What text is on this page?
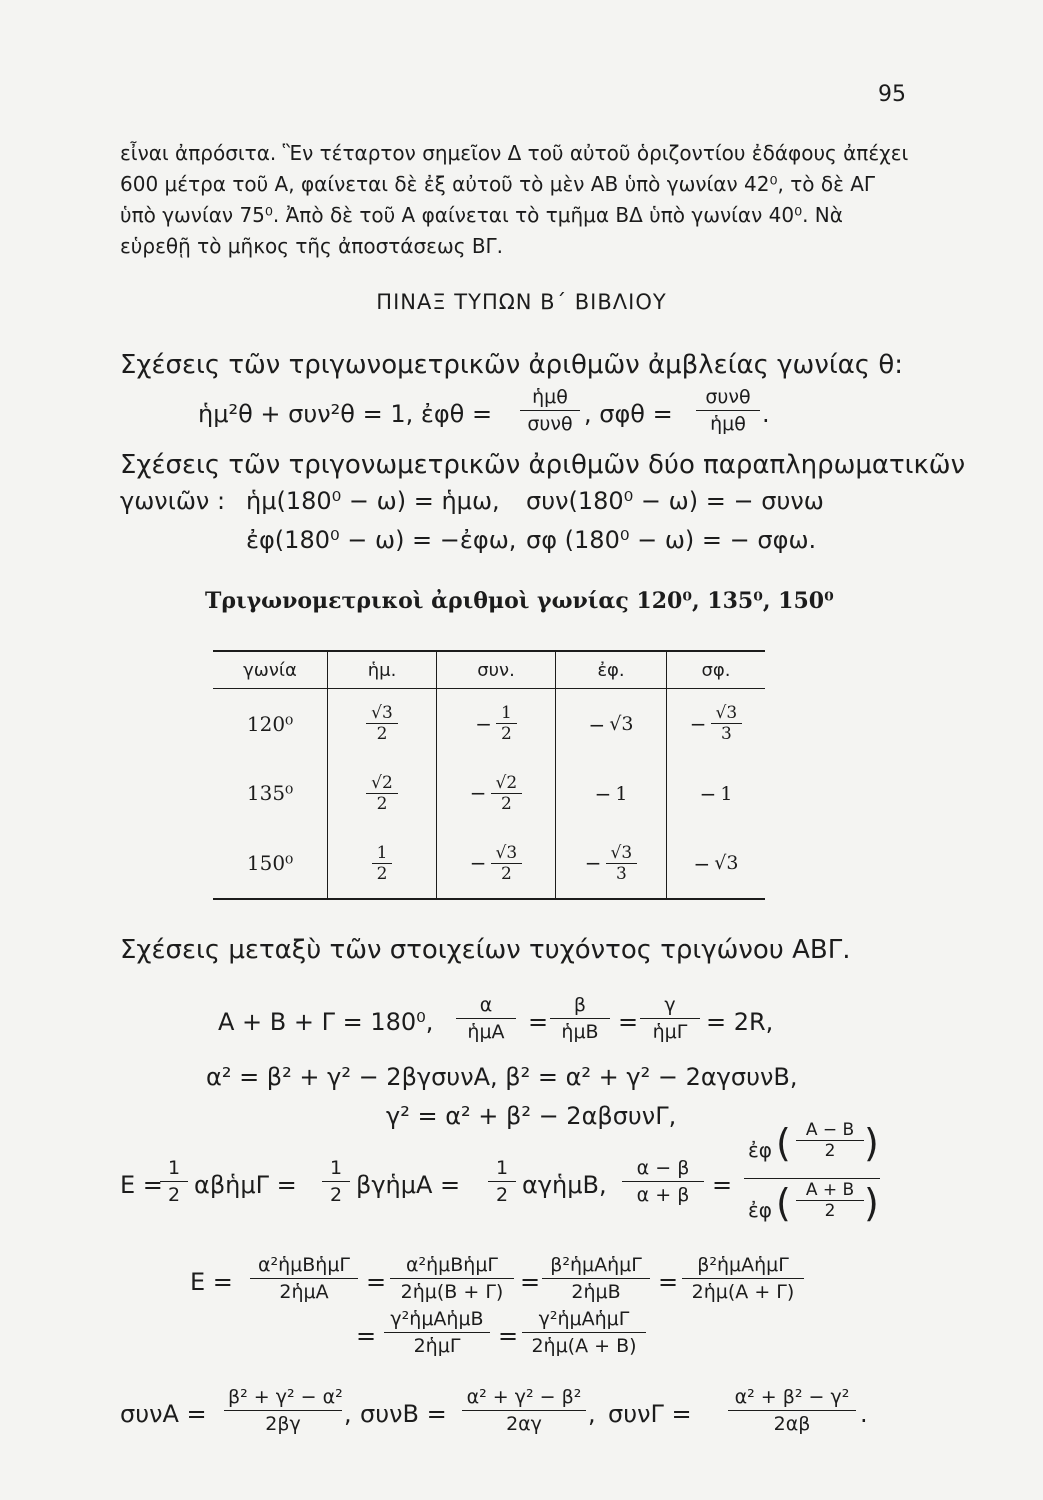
95
εἶναι ἀπρόσιτα. Ἓν τέταρτον σημεῖον Δ τοῦ αὐτοῦ ὁριζοντίου ἐδάφους ἀπέχει
600 μέτρα τοῦ Α, φαίνεται δὲ ἐξ αὐτοῦ τὸ μὲν ΑΒ ὑπὸ γωνίαν 42⁰, τὸ δὲ ΑΓ
ὑπὸ γωνίαν 75⁰. Ἀπὸ δὲ τοῦ Α φαίνεται τὸ τμῆμα ΒΔ ὑπὸ γωνίαν 40⁰. Νὰ
εὑρεθῇ τὸ μῆκος τῆς ἀποστάσεως ΒΓ.
ΠΙΝΑΞ ΤΥΠΩΝ Β΄ ΒΙΒΛΙΟΥ
Σχέσεις τῶν τριγωνομετρικῶν ἀριθμῶν ἀμβλείας γωνίας θ:
ἡμ²θ + συν²θ = 1, ἐφθ =
ἡμθ
συνθ , σφθ =
συνθ
ἡμθ .
Σχέσεις τῶν τριγονωμετρικῶν ἀριθμῶν δύο παραπληρωματικῶν
γωνιῶν : ἡμ(180⁰ − ω) = ἡμω, συν(180⁰ − ω) = − συνω
ἐφ(180⁰ − ω) = −ἐφω, σφ (180⁰ − ω) = − σφω.
Τριγωνομετρικοὶ ἀριθμοὶ γωνίας 120⁰, 135⁰, 150⁰
γωνία	ἡμ.	συν.	ἐφ.	σφ.
120⁰	$\frac{√3}{2}$	− $\frac{1}{2}$	− √3	− $\frac{√3}{3}$

135⁰	$\frac{√2}{2}$	− $\frac{√2}{2}$	− 1	− 1
150⁰	$\frac{1}{2}$	− $\frac{√3}{2}$	− $\frac{√3}{3}$	− √3
Σχέσεις μεταξὺ τῶν στοιχείων τυχόντος τριγώνου ΑΒΓ.
Α + Β + Γ = 180⁰,
α
ἡμΑ =
β
ἡμΒ =
γ
ἡμΓ = 2R,
α² = β² + γ² − 2βγσυνΑ, β² = α² + γ² − 2αγσυνΒ,
γ² = α² + β² − 2αβσυνΓ,
Ε =
$\frac{1}{2}$ αβἡμΓ = $\frac{1}{2}$ βγἡμΑ = $\frac{1}{2}$ αγἡμΒ, $\frac{\alpha - \beta}{\alpha + \beta}$ =
ἐφ ( $\frac{A - B}{2}$ )
ἐφ ( $\frac{A + B}{2}$ )
Ε =
α²ἡμΒἡμΓ
2ἡμΑ	=
α²ἡμΒἡμΓ
2ἡμ(Β + Γ) =
β²ἡμΑἡμΓ
2ἡμΒ	=
β²ἡμΑἡμΓ
2ἡμ(Α + Γ)
=
γ²ἡμΑἡμΒ
2ἡμΓ	=
γ²ἡμΑἡμΓ
2ἡμ(Α + Β)
$\sigma\upsilon\nu A = \frac{\text{β² + γ² − α²}}{2\beta\gamma}$ , $\sigma\upsilon\nu B = \frac{\text{α² + γ² − β²}}{2\alpha\gamma}$ , $\sigma\upsilon\nu\Gamma = \frac{\text{α² + β² − γ²}}{2\alpha\beta}$ .
